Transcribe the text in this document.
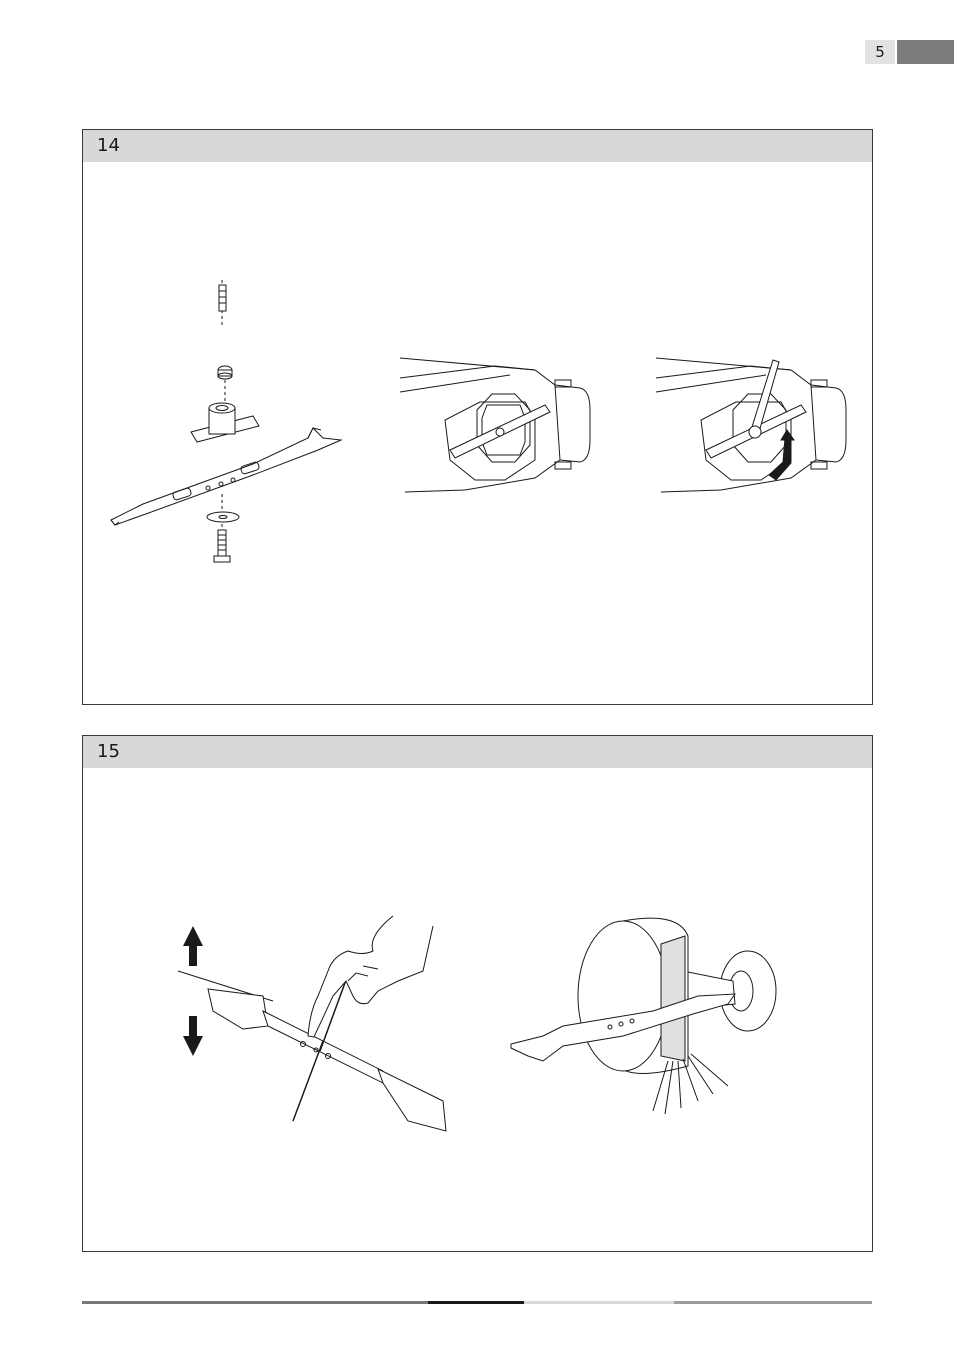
5
14
15
